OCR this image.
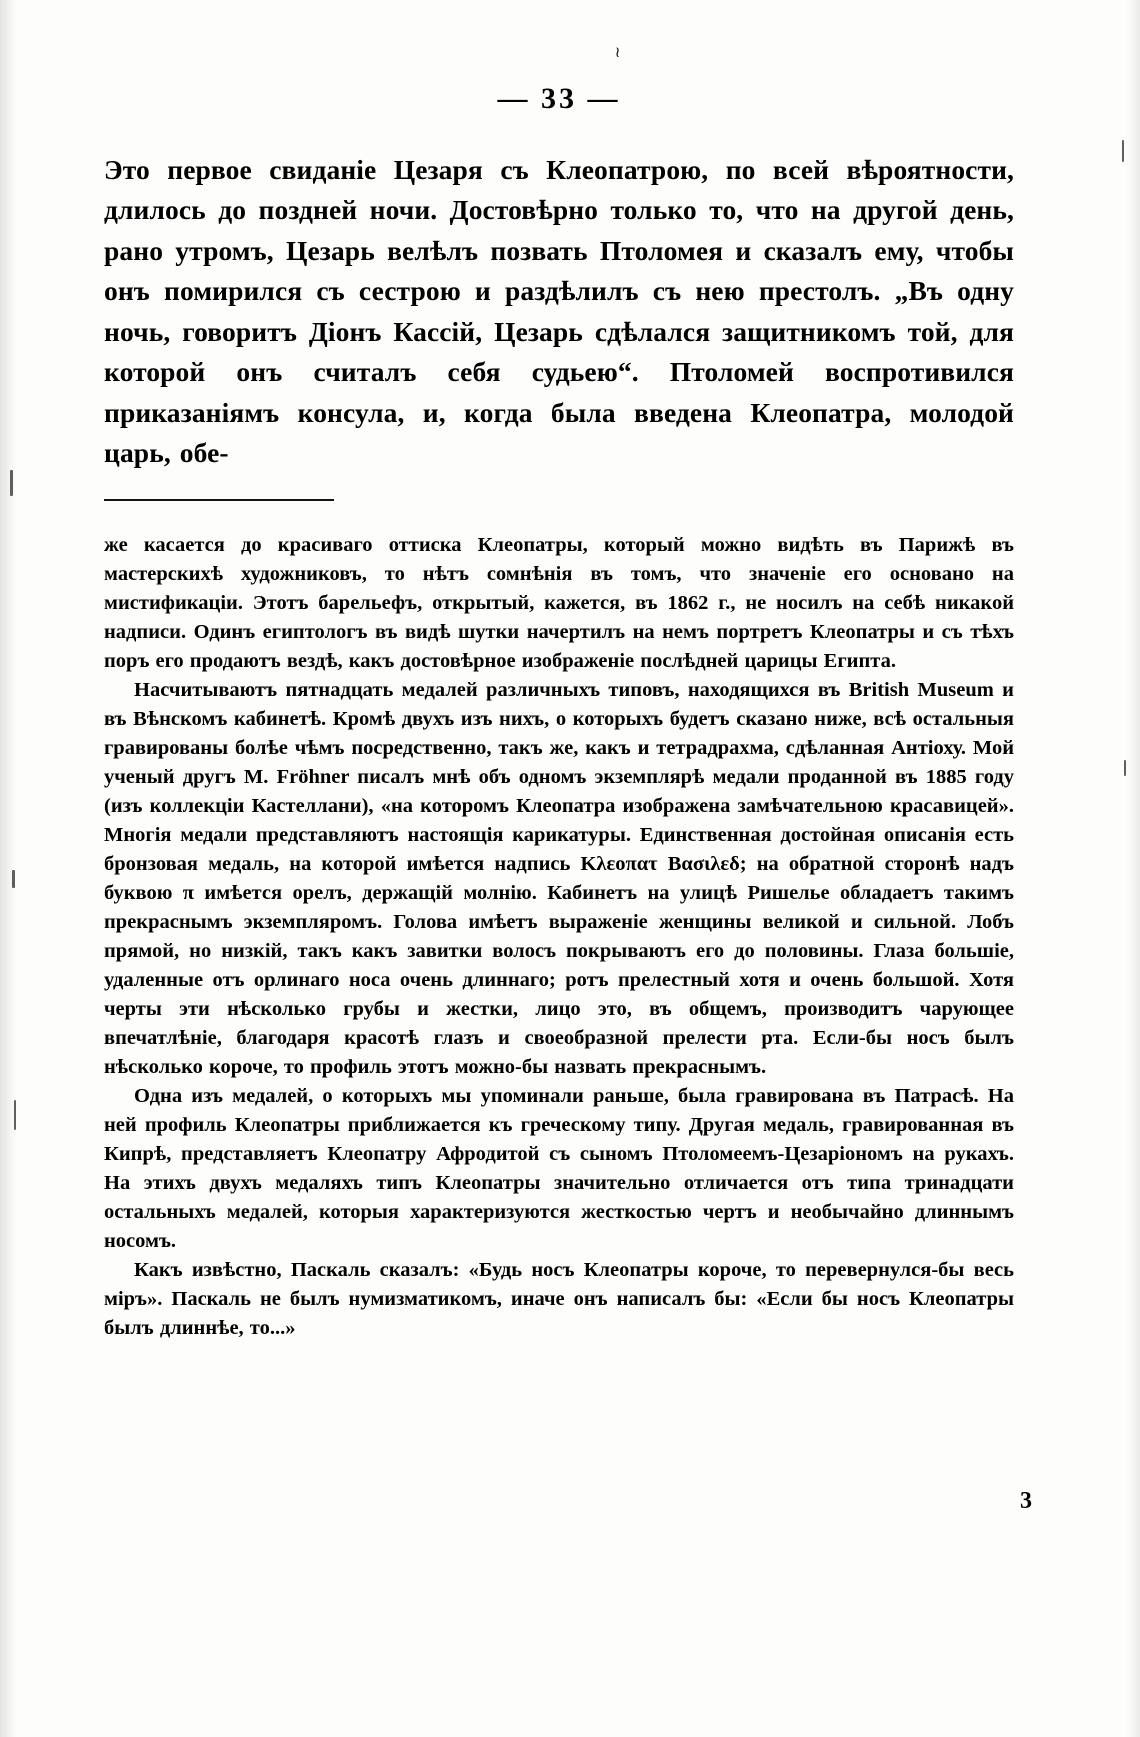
≀
— 33 —
Это первое свиданіе Цезаря съ Клеопатрою, по всей вѣроятности, длилось до поздней ночи. Достовѣрно только то, что на другой день, рано утромъ, Цезарь велѣлъ позвать Птоломея и сказалъ ему, чтобы онъ помирился съ сестрою и раздѣлилъ съ нею престолъ. „Въ одну ночь, говоритъ Діонъ Кассій, Цезарь сдѣлался защитникомъ той, для которой онъ считалъ себя судьею“. Птоломей воспротивился приказаніямъ консула, и, когда была введена Клеопатра, молодой царь, обе-

же касается до красиваго оттиска Клеопатры, который можно видѣть въ Парижѣ въ мастерскихѣ художниковъ, то нѣтъ сомнѣнія въ томъ, что значеніе его основано на мистификаціи. Этотъ барельефъ, открытый, кажется, въ 1862 г., не носилъ на себѣ никакой надписи. Одинъ египтологъ въ видѣ шутки начертилъ на немъ портретъ Клеопатры и съ тѣхъ поръ его продаютъ вездѣ, какъ достовѣрное изображеніе послѣдней царицы Египта.

Насчитываютъ пятнадцать медалей различныхъ типовъ, находящихся въ British Museum и въ Вѣнскомъ кабинетѣ. Кромѣ двухъ изъ нихъ, о которыхъ будетъ сказано ниже, всѣ остальныя гравированы болѣе чѣмъ посредственно, такъ же, какъ и тетрадрахма, сдѣланная Антіоху. Мой ученый другъ М. Fröhner писалъ мнѣ объ одномъ экземплярѣ медали проданной въ 1885 году (изъ коллекціи Кастеллани), «на которомъ Клеопатра изображена замѣчательною красавицей». Многія медали представляютъ настоящія карикатуры. Единственная достойная описанія есть бронзовая медаль, на которой имѣется надпись Κλεοπατ Βασιλεδ; на обратной сторонѣ надъ буквою π имѣется орелъ, держащій молнію. Кабинетъ на улицѣ Ришелье обладаетъ такимъ прекраснымъ экземпляромъ. Голова имѣетъ выраженіе женщины великой и сильной. Лобъ прямой, но низкій, такъ какъ завитки волосъ покрываютъ его до половины. Глаза большіе, удаленные отъ орлинаго носа очень длиннаго; ротъ прелестный хотя и очень большой. Хотя черты эти нѣсколько грубы и жестки, лицо это, въ общемъ, производитъ чарующее впечатлѣніе, благодаря красотѣ глазъ и своеобразной прелести рта. Если-бы носъ былъ нѣсколько короче, то профиль этотъ можно-бы назвать прекраснымъ.

Одна изъ медалей, о которыхъ мы упоминали раньше, была гравирована въ Патрасѣ. На ней профиль Клеопатры приближается къ греческому типу. Другая медаль, гравированная въ Кипрѣ, представляетъ Клеопатру Афродитой съ сыномъ Птоломеемъ-Цезаріономъ на рукахъ. На этихъ двухъ медаляхъ типъ Клеопатры значительно отличается отъ типа тринадцати остальныхъ медалей, которыя характеризуются жесткостью чертъ и необычайно длиннымъ носомъ.

Какъ извѣстно, Паскаль сказалъ: «Будь носъ Клеопатры короче, то перевернулся-бы весь міръ». Паскаль не былъ нумизматикомъ, иначе онъ написалъ бы: «Если бы носъ Клеопатры былъ длиннѣе, то...»

3
